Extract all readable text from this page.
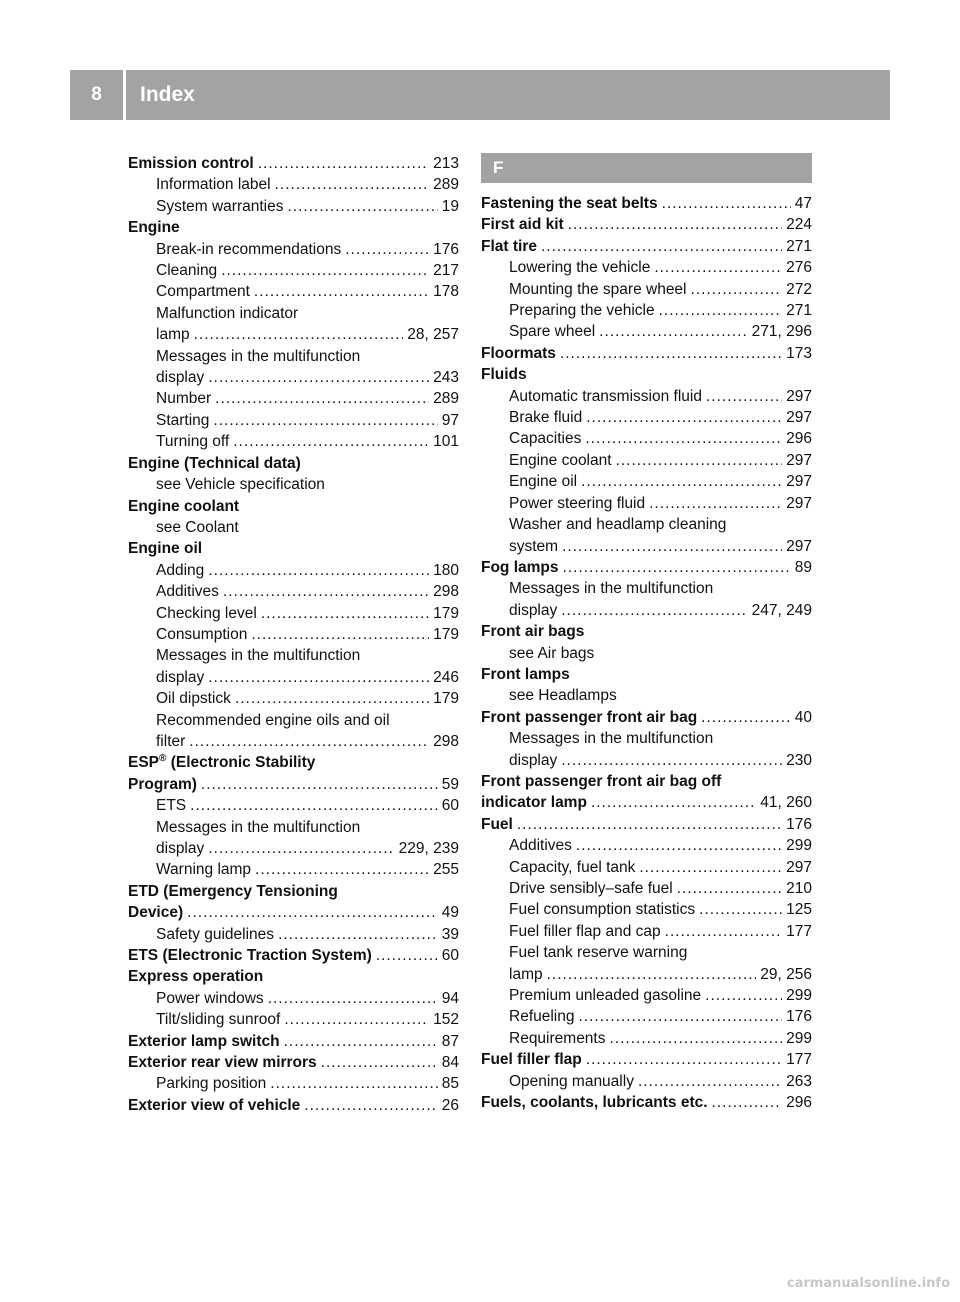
8	Index
Emission control .....	213
Information label .....	289
System warranties .....	19
Engine
Break-in recommendations .....	176
Cleaning .....	217
Compartment .....	178
Malfunction indicator
lamp .....	28, 257
Messages in the multifunction
display .....	243
Number .....	289
Starting .....	97
Turning off .....	101
Engine (Technical data)
see Vehicle specification
Engine coolant
see Coolant
Engine oil
Adding .....	180
Additives .....	298
Checking level .....	179
Consumption .....	179
Messages in the multifunction
display .....	246
Oil dipstick .....	179
Recommended engine oils and oil
filter .....	298
ESP® (Electronic Stability
Program) .....	59
ETS .....	60
Messages in the multifunction
display .....	229, 239
Warning lamp .....	255
ETD (Emergency Tensioning
Device) .....	49
Safety guidelines .....	39
ETS (Electronic Traction System) .....	60
Express operation
Power windows .....	94
Tilt/sliding sunroof .....	152
Exterior lamp switch .....	87
Exterior rear view mirrors .....	84
Parking position .....	85
Exterior view of vehicle .....	26
F
Fastening the seat belts .....	47
First aid kit .....	224
Flat tire .....	271
Lowering the vehicle .....	276
Mounting the spare wheel .....	272
Preparing the vehicle .....	271
Spare wheel .....	271, 296
Floormats .....	173
Fluids
Automatic transmission fluid .....	297
Brake fluid .....	297
Capacities .....	296
Engine coolant .....	297
Engine oil .....	297
Power steering fluid .....	297
Washer and headlamp cleaning
system .....	297
Fog lamps .....	89
Messages in the multifunction
display .....	247, 249
Front air bags
see Air bags
Front lamps
see Headlamps
Front passenger front air bag .....	40
Messages in the multifunction
display .....	230
Front passenger front air bag off
indicator lamp .....	41, 260
Fuel .....	176
Additives .....	299
Capacity, fuel tank .....	297
Drive sensibly–safe fuel .....	210
Fuel consumption statistics .....	125
Fuel filler flap and cap .....	177
Fuel tank reserve warning
lamp .....	29, 256
Premium unleaded gasoline .....	299
Refueling .....	176
Requirements .....	299
Fuel filler flap .....	177
Opening manually .....	263
Fuels, coolants, lubricants etc. .....	296
carmanualsonline.info
